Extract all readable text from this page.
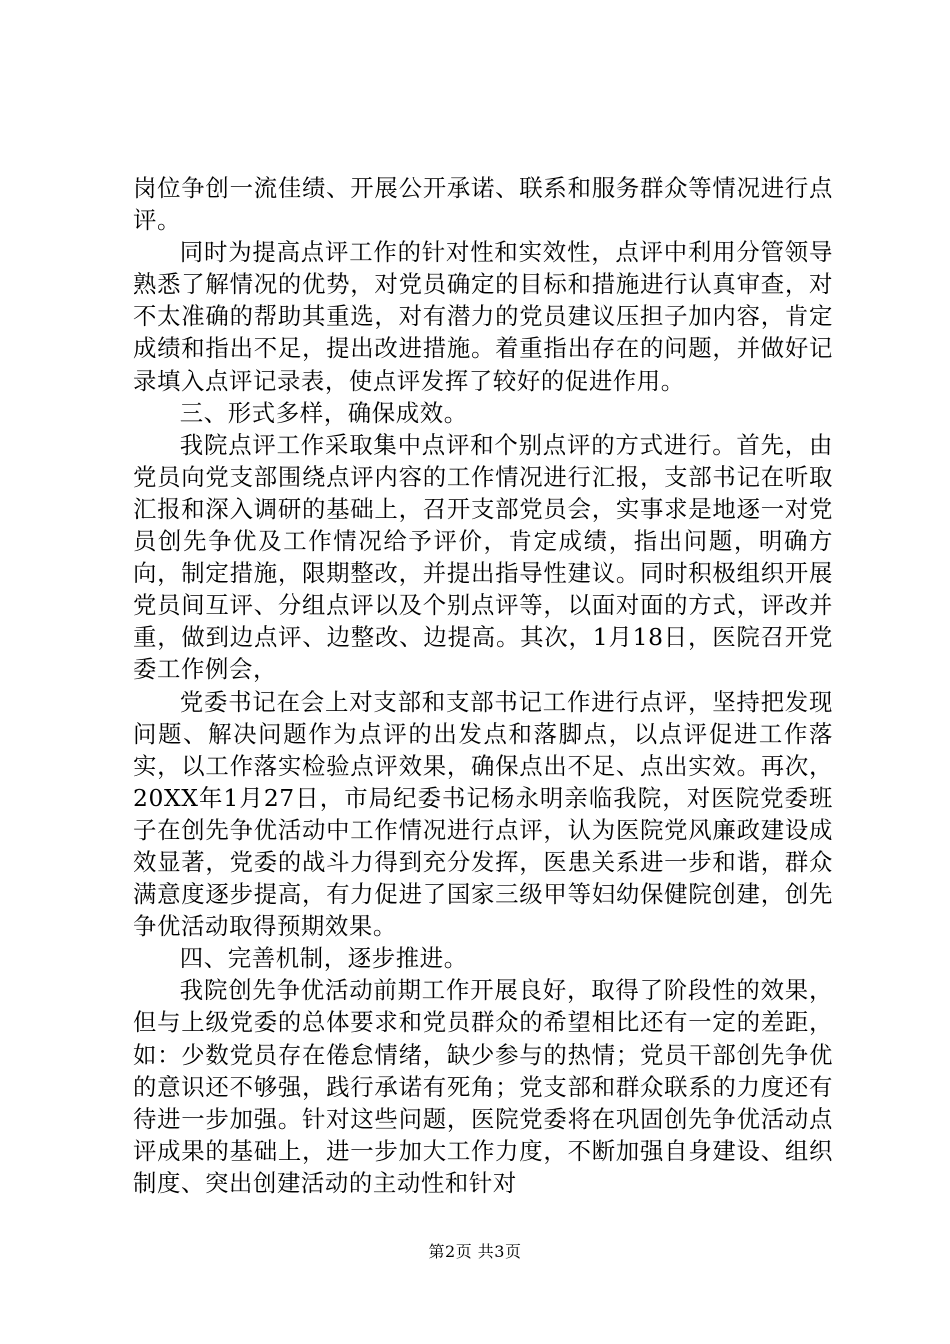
岗位争创一流佳绩、开展公开承诺、联系和服务群众等情况进行点评。

同时为提高点评工作的针对性和实效性，点评中利用分管领导熟悉了解情况的优势，对党员确定的目标和措施进行认真审查，对不太准确的帮助其重选，对有潜力的党员建议压担子加内容，肯定成绩和指出不足，提出改进措施。着重指出存在的问题，并做好记录填入点评记录表，使点评发挥了较好的促进作用。

三、形式多样，确保成效。

我院点评工作采取集中点评和个别点评的方式进行。首先，由党员向党支部围绕点评内容的工作情况进行汇报，支部书记在听取汇报和深入调研的基础上，召开支部党员会，实事求是地逐一对党员创先争优及工作情况给予评价，肯定成绩，指出问题，明确方向，制定措施，限期整改，并提出指导性建议。同时积极组织开展党员间互评、分组点评以及个别点评等，以面对面的方式，评改并重，做到边点评、边整改、边提高。其次，1月18日，医院召开党委工作例会，

党委书记在会上对支部和支部书记工作进行点评，坚持把发现问题、解决问题作为点评的出发点和落脚点，以点评促进工作落实，以工作落实检验点评效果，确保点出不足、点出实效。再次，20XX年1月27日，市局纪委书记杨永明亲临我院，对医院党委班子在创先争优活动中工作情况进行点评，认为医院党风廉政建设成效显著，党委的战斗力得到充分发挥，医患关系进一步和谐，群众满意度逐步提高，有力促进了国家三级甲等妇幼保健院创建，创先争优活动取得预期效果。

四、完善机制，逐步推进。

我院创先争优活动前期工作开展良好，取得了阶段性的效果，但与上级党委的总体要求和党员群众的希望相比还有一定的差距，如：少数党员存在倦怠情绪，缺少参与的热情；党员干部创先争优的意识还不够强，践行承诺有死角；党支部和群众联系的力度还有待进一步加强。针对这些问题，医院党委将在巩固创先争优活动点评成果的基础上，进一步加大工作力度，不断加强自身建设、组织制度、突出创建活动的主动性和针对

第2页 共3页
